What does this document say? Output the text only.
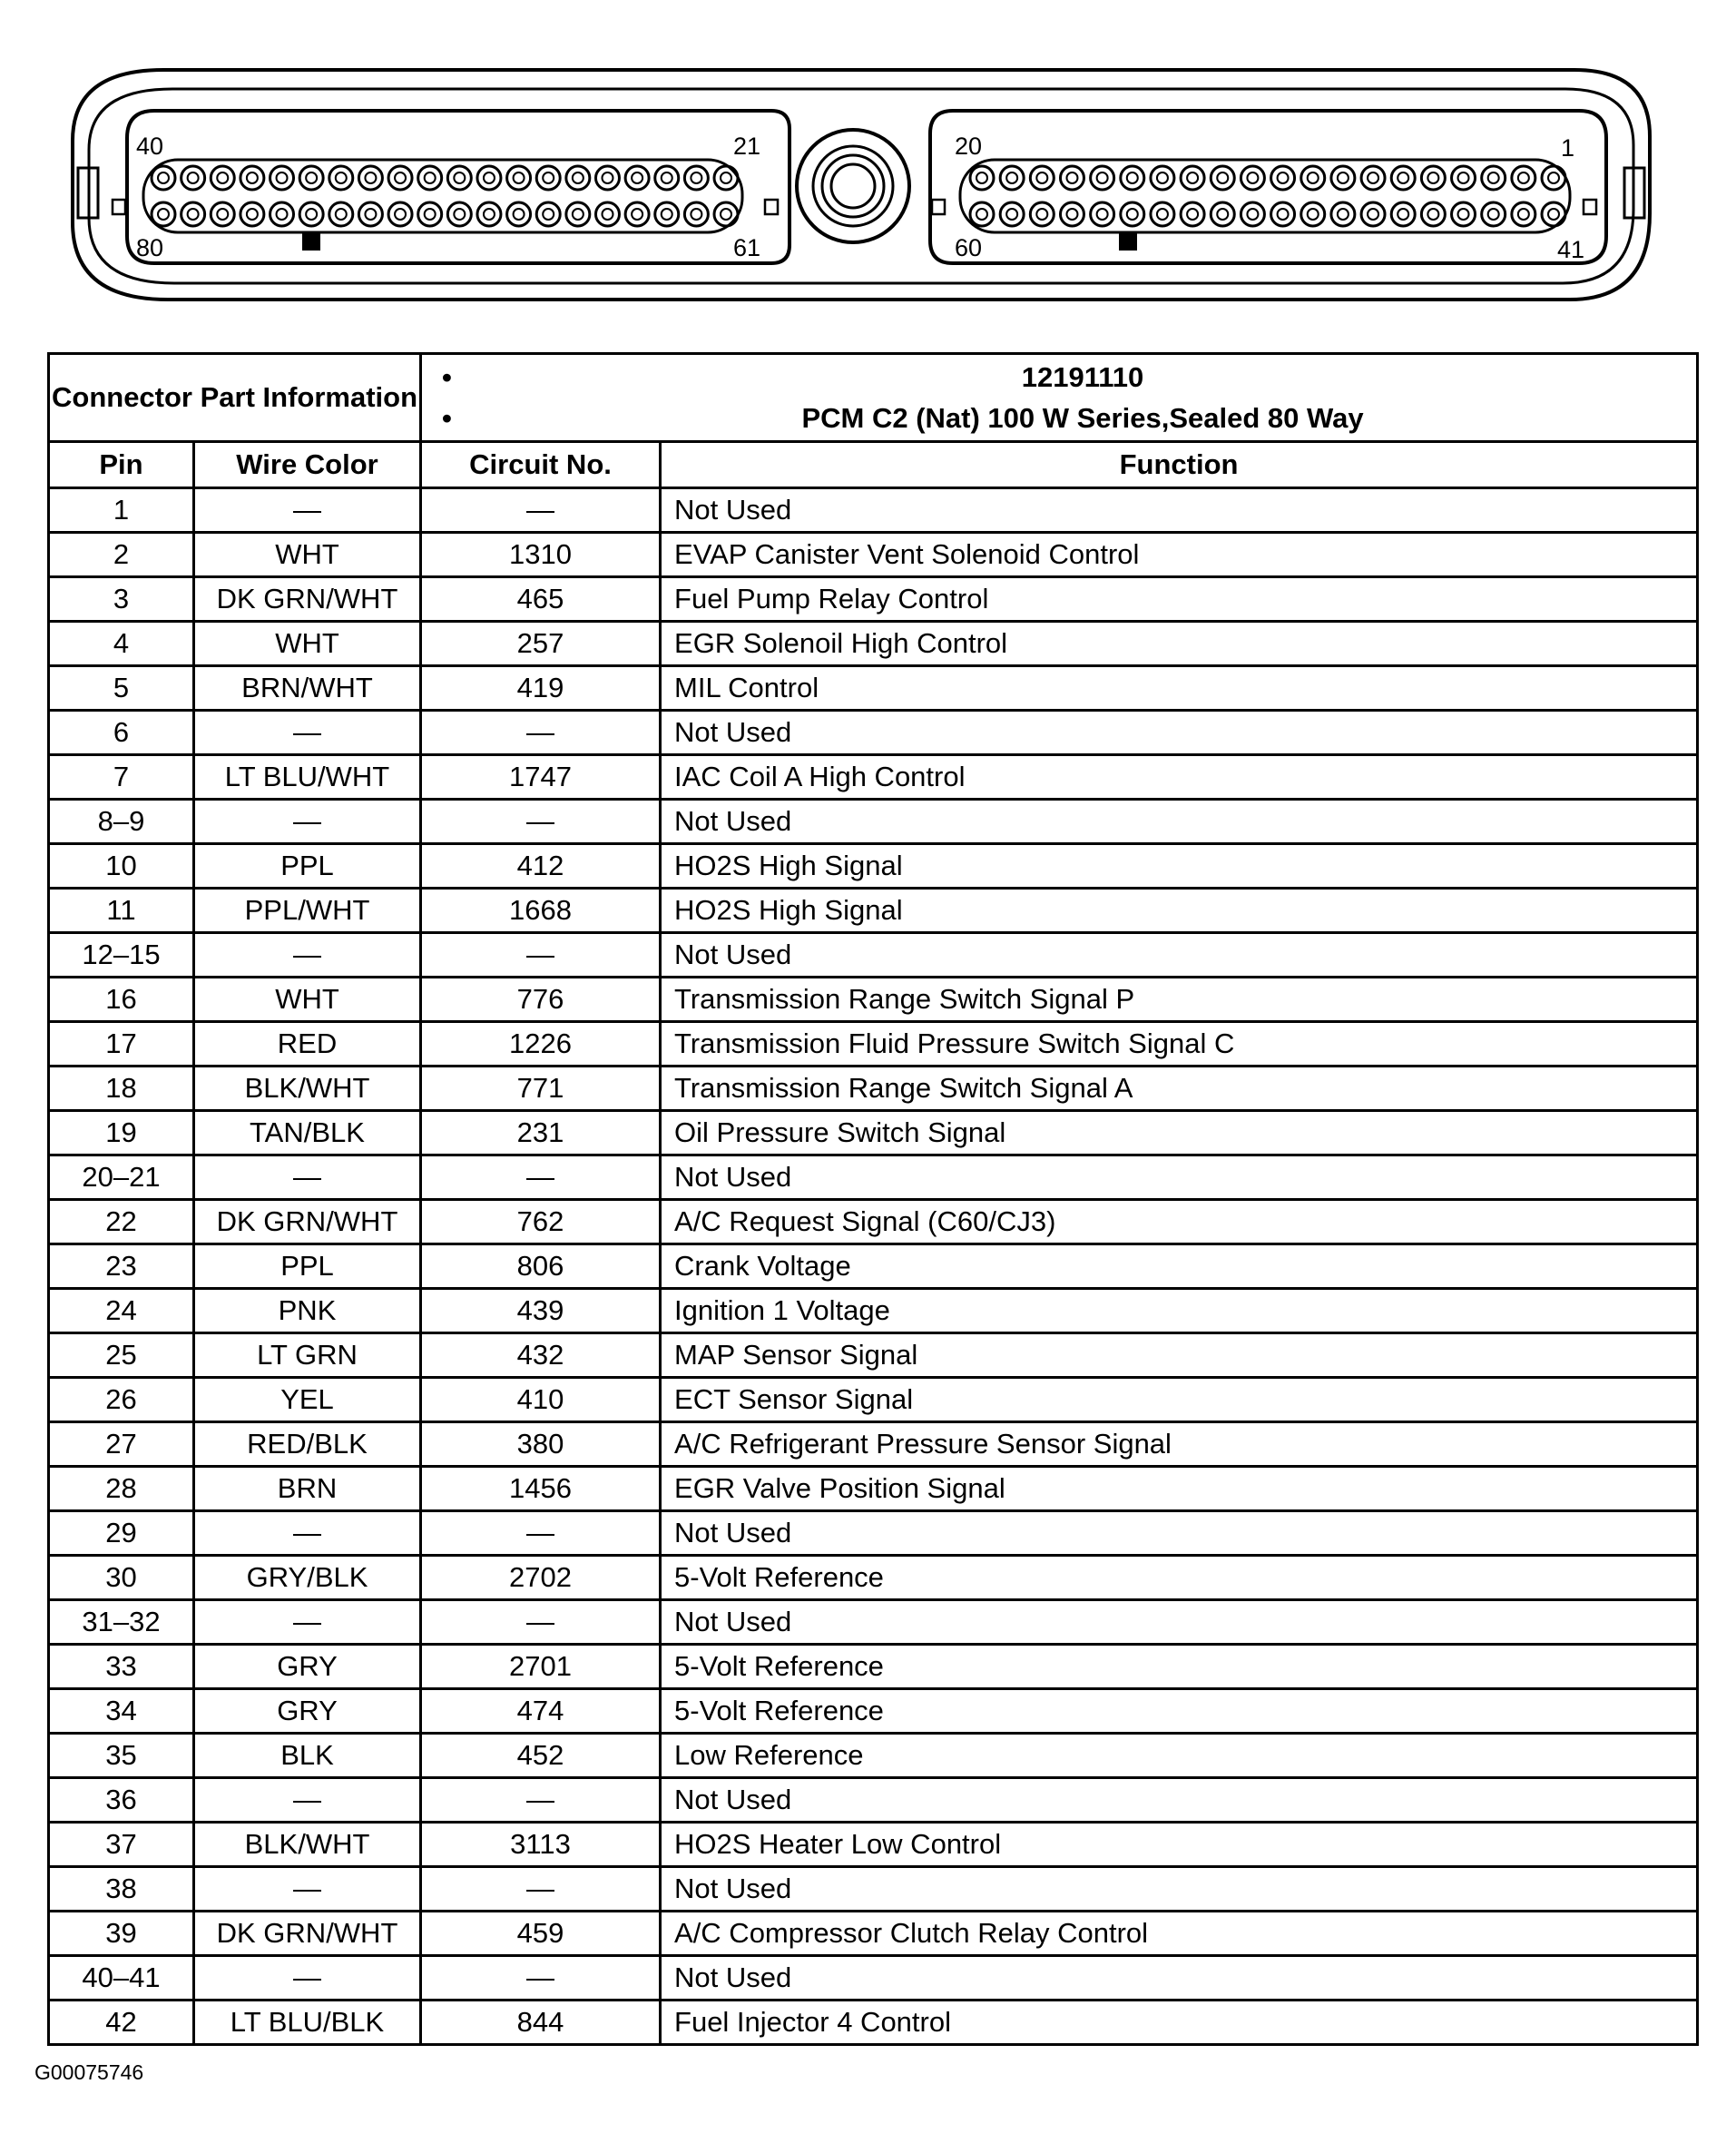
40	21
80	61
20	1
60	41
Connector Part Information		• 12191110
• PCM C2 (Nat) 100 W Series,Sealed 80 Way

Pin	Wire Color	Circuit No.	Function
1	—	—	Not Used
2	WHT	1310	EVAP Canister Vent Solenoid Control
3	DK GRN/WHT	465	Fuel Pump Relay Control
4	WHT	257	EGR Solenoil High Control
5	BRN/WHT	419	MIL Control
6	—	—	Not Used
7	LT BLU/WHT	1747	IAC Coil A High Control
8–9	—	—	Not Used
10	PPL	412	HO2S High Signal
11	PPL/WHT	1668	HO2S High Signal
12–15	—	—	Not Used
16	WHT	776	Transmission Range Switch Signal P
17	RED	1226	Transmission Fluid Pressure Switch Signal C
18	BLK/WHT	771	Transmission Range Switch Signal A
19	TAN/BLK	231	Oil Pressure Switch Signal
20–21	—	—	Not Used
22	DK GRN/WHT	762	A/C Request Signal (C60/CJ3)
23	PPL	806	Crank Voltage
24	PNK	439	Ignition 1 Voltage
25	LT GRN	432	MAP Sensor Signal
26	YEL	410	ECT Sensor Signal
27	RED/BLK	380	A/C Refrigerant Pressure Sensor Signal
28	BRN	1456	EGR Valve Position Signal
29	—	—	Not Used
30	GRY/BLK	2702	5-Volt Reference
31–32	—	—	Not Used
33	GRY	2701	5-Volt Reference
34	GRY	474	5-Volt Reference
35	BLK	452	Low Reference
36	—	—	Not Used
37	BLK/WHT	3113	HO2S Heater Low Control
38	—	—	Not Used
39	DK GRN/WHT	459	A/C Compressor Clutch Relay Control
40–41	—	—	Not Used
42	LT BLU/BLK	844	Fuel Injector 4 Control
G00075746
